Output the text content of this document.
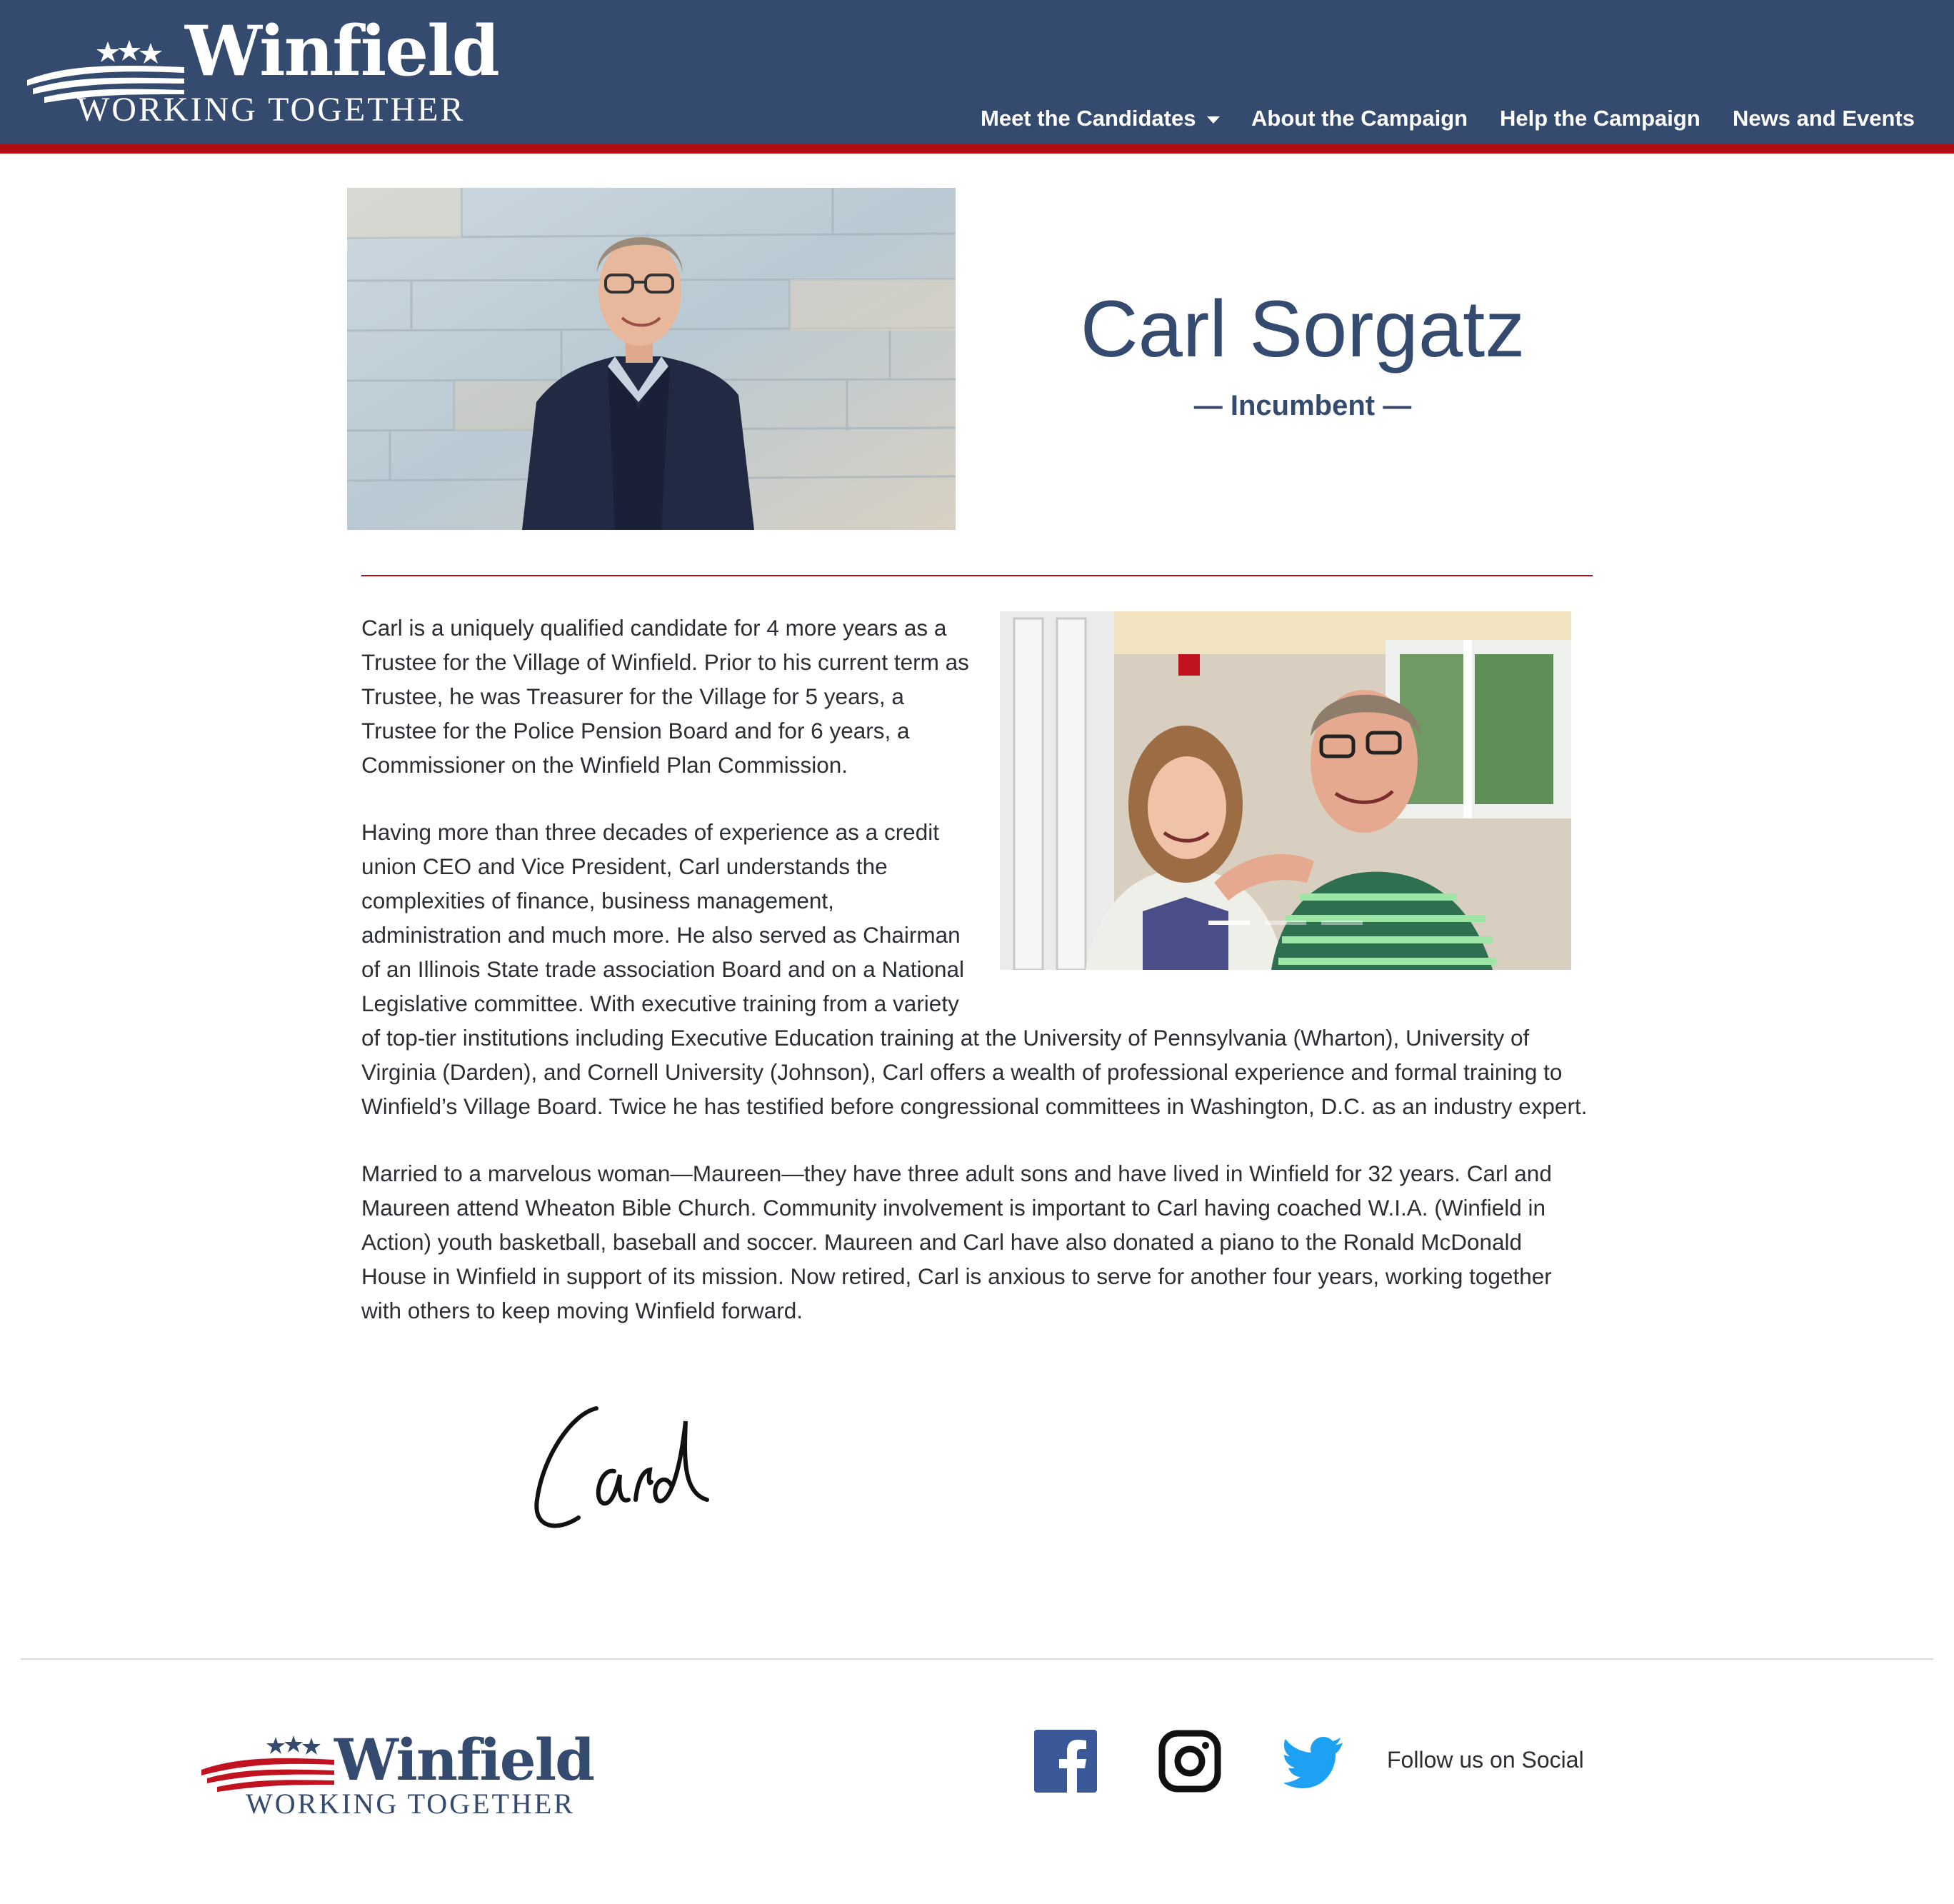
Winfield
WORKING TOGETHER	Meet the Candidates	About the Campaign Help the Campaign News and Events
Carl Sorgatz
— Incumbent —

Carl is a uniquely qualified candidate for 4 more years as a Trustee for the Village of Winfield. Prior to his current term as Trustee, he was Treasurer for the Village for 5 years, a Trustee for the Police Pension Board and for 6 years, a Commissioner on the Winfield Plan Commission.

Having more than three decades of experience as a credit union CEO and Vice President, Carl understands the complexities of finance, business management, administration and much more. He also served as Chairman of an Illinois State trade association Board and on a National Legislative committee. With executive training from a variety of top-tier institutions including Executive Education training at the University of Pennsylvania (Wharton), University of Virginia (Darden), and Cornell University (Johnson), Carl offers a wealth of professional experience and formal training to Winfield’s Village Board. Twice he has testified before congressional committees in Washington, D.C. as an industry expert.

Married to a marvelous woman—Maureen—they have three adult sons and have lived in Winfield for 32 years. Carl and Maureen attend Wheaton Bible Church. Community involvement is important to Carl having coached W.I.A. (Winfield in Action) youth basketball, baseball and soccer. Maureen and Carl have also donated a piano to the Ronald McDonald House in Winfield in support of its mission. Now retired, Carl is anxious to serve for another four years, working together with others to keep moving Winfield forward.

Winfield
WORKING TOGETHER
Follow us on Social
